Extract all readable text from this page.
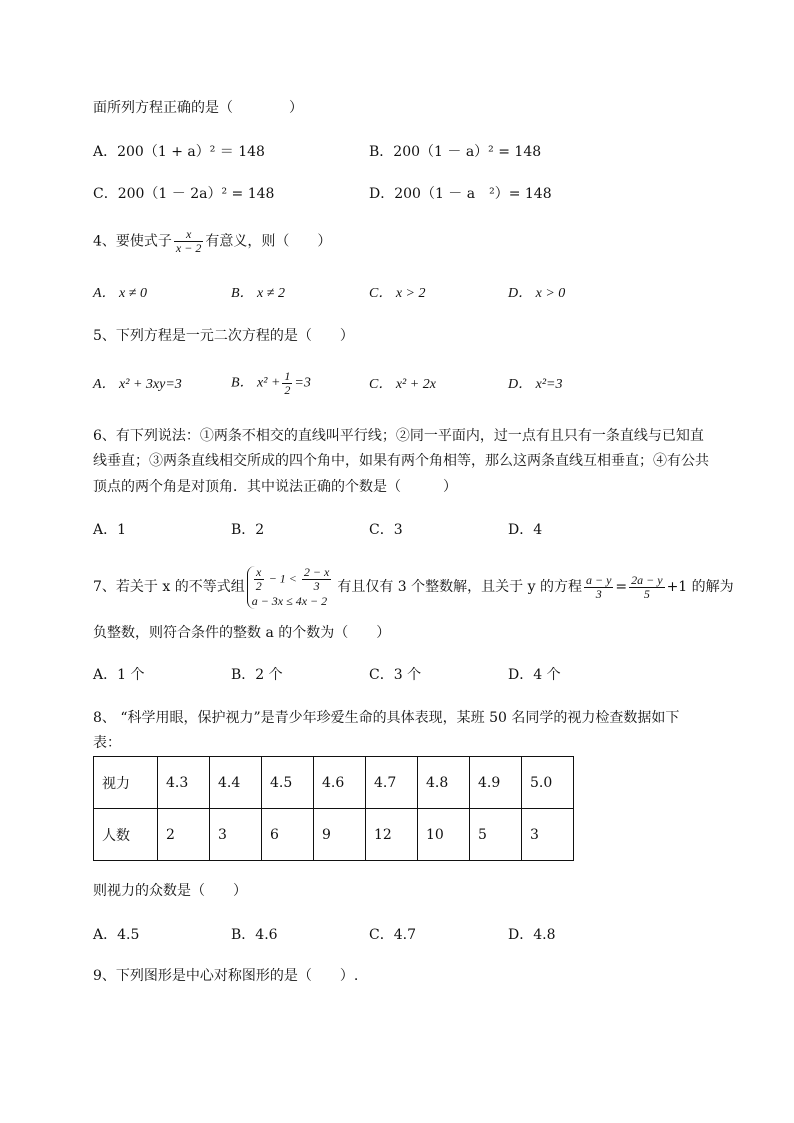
面所列方程正确的是（　　　　）
A．200（1 + a）² ＝ 148	B．200（1 － a）² = 148
C．200（1 － 2a）² = 148	D．200（1 － a　²）= 148
4、要使式子 $\frac{x}{x - 2}$ 有意义，则（　　）
A． x ≠ 0	B． x ≠ 2	C． x > 2	D． x > 0
5、下列方程是一元二次方程的是（　　）
A． x² + 3xy=3	B． $x^2 + \frac{1}{2} =3$	C． x² + 2x	D． x²=3
6、有下列说法：①两条不相交的直线叫平行线；②同一平面内，过一点有且只有一条直线与已知直
线垂直；③两条直线相交所成的四个角中，如果有两个角相等，那么这两条直线互相垂直；④有公共
顶点的两个角是对顶角．其中说法正确的个数是（　　　）
A．1	B．2	C．3	D．4
7、若关于 x 的不等式组 $\frac{x}{2} - 1 < \frac{2 - x}{3}$
a − 3x ≤ 4x − 2
有且仅有 3 个整数解，且关于 y 的方程 $\frac{a - y}{3} = \frac{2a - y}{5} +1$ 的解为
负整数，则符合条件的整数 a 的个数为（　　）
A．1 个	B．2 个	C．3 个	D．4 个
8、 “科学用眼，保护视力”是青少年珍爱生命的具体表现，某班 50 名同学的视力检查数据如下
表：
视力	4.3	4.4	4.5	4.6	4.7	4.8	4.9	5.0
人数	2	3	6	9	12	10	5	3
则视力的众数是（　　）
A．4.5	B．4.6	C．4.7	D．4.8
9、下列图形是中心对称图形的是（　　）.
